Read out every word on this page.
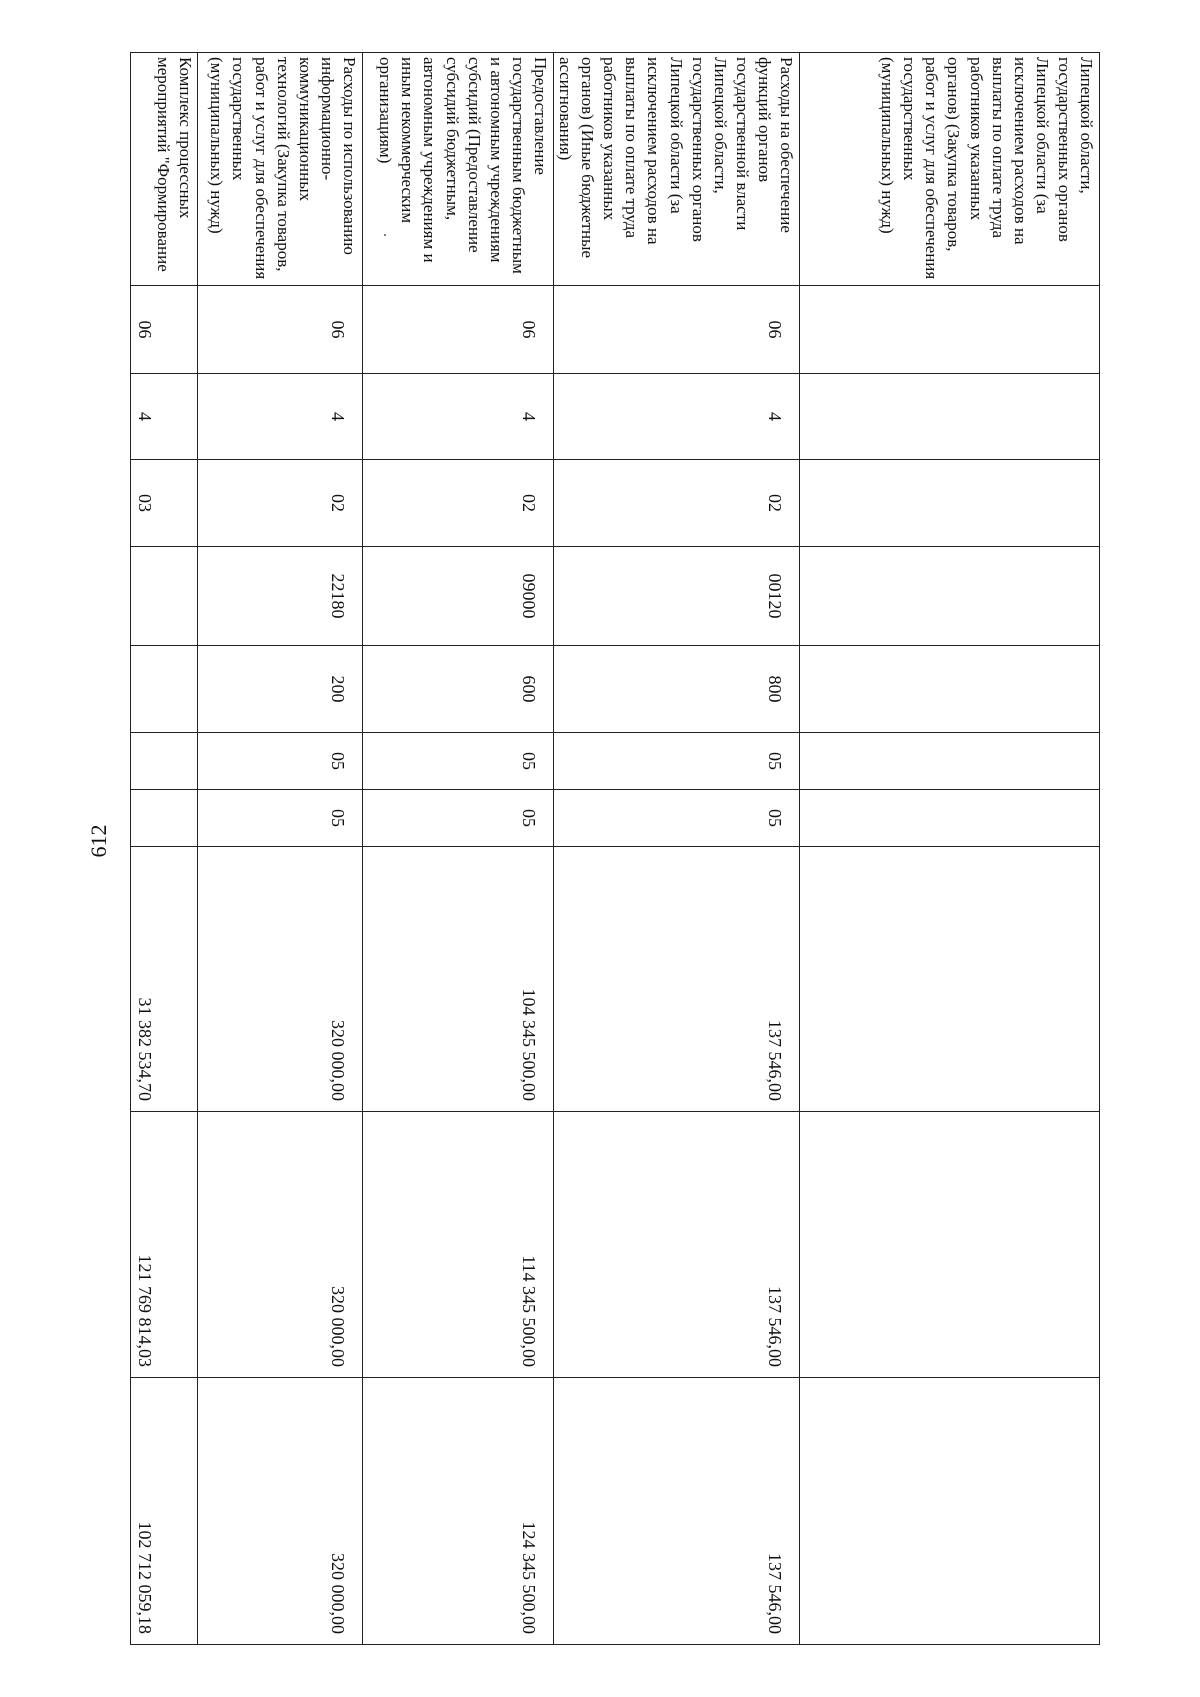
612
Липецкой области, государственных органов Липецкой области (за исключением расходов на выплаты по оплате труда работников указанных органов) (Закупка товаров, работ и услуг для обеспечения государственных (муниципальных) нужд)										
Расходы на обеспечение функций органов государственной власти Липецкой области, государственных органов Липецкой области (за исключением расходов на выплаты по оплате труда работников указанных органов) (Иные бюджетные ассигнования)	06	4	02	00120	800	05	05	137 546,00	137 546,00	137 546,00
Предоставление государственным бюджетным и автономным учреждениям субсидий (Предоставление субсидий бюджетным, автономным учреждениям и иным некоммерческим организациям)	06	4	02	09000	600	05	05	104 345 500,00	114 345 500,00	124 345 500,00
Расходы по использованию информационно-коммуникационных технологий (Закупка товаров, работ и услуг для обеспечения государственных (муниципальных) нужд)	06	4	02	22180	200	05	05	320 000,00	320 000,00	320 000,00
Комплекс процессных мероприятий "Формирование	06	4	03					31 382 534,70	121 769 814,03	102 712 059,18
